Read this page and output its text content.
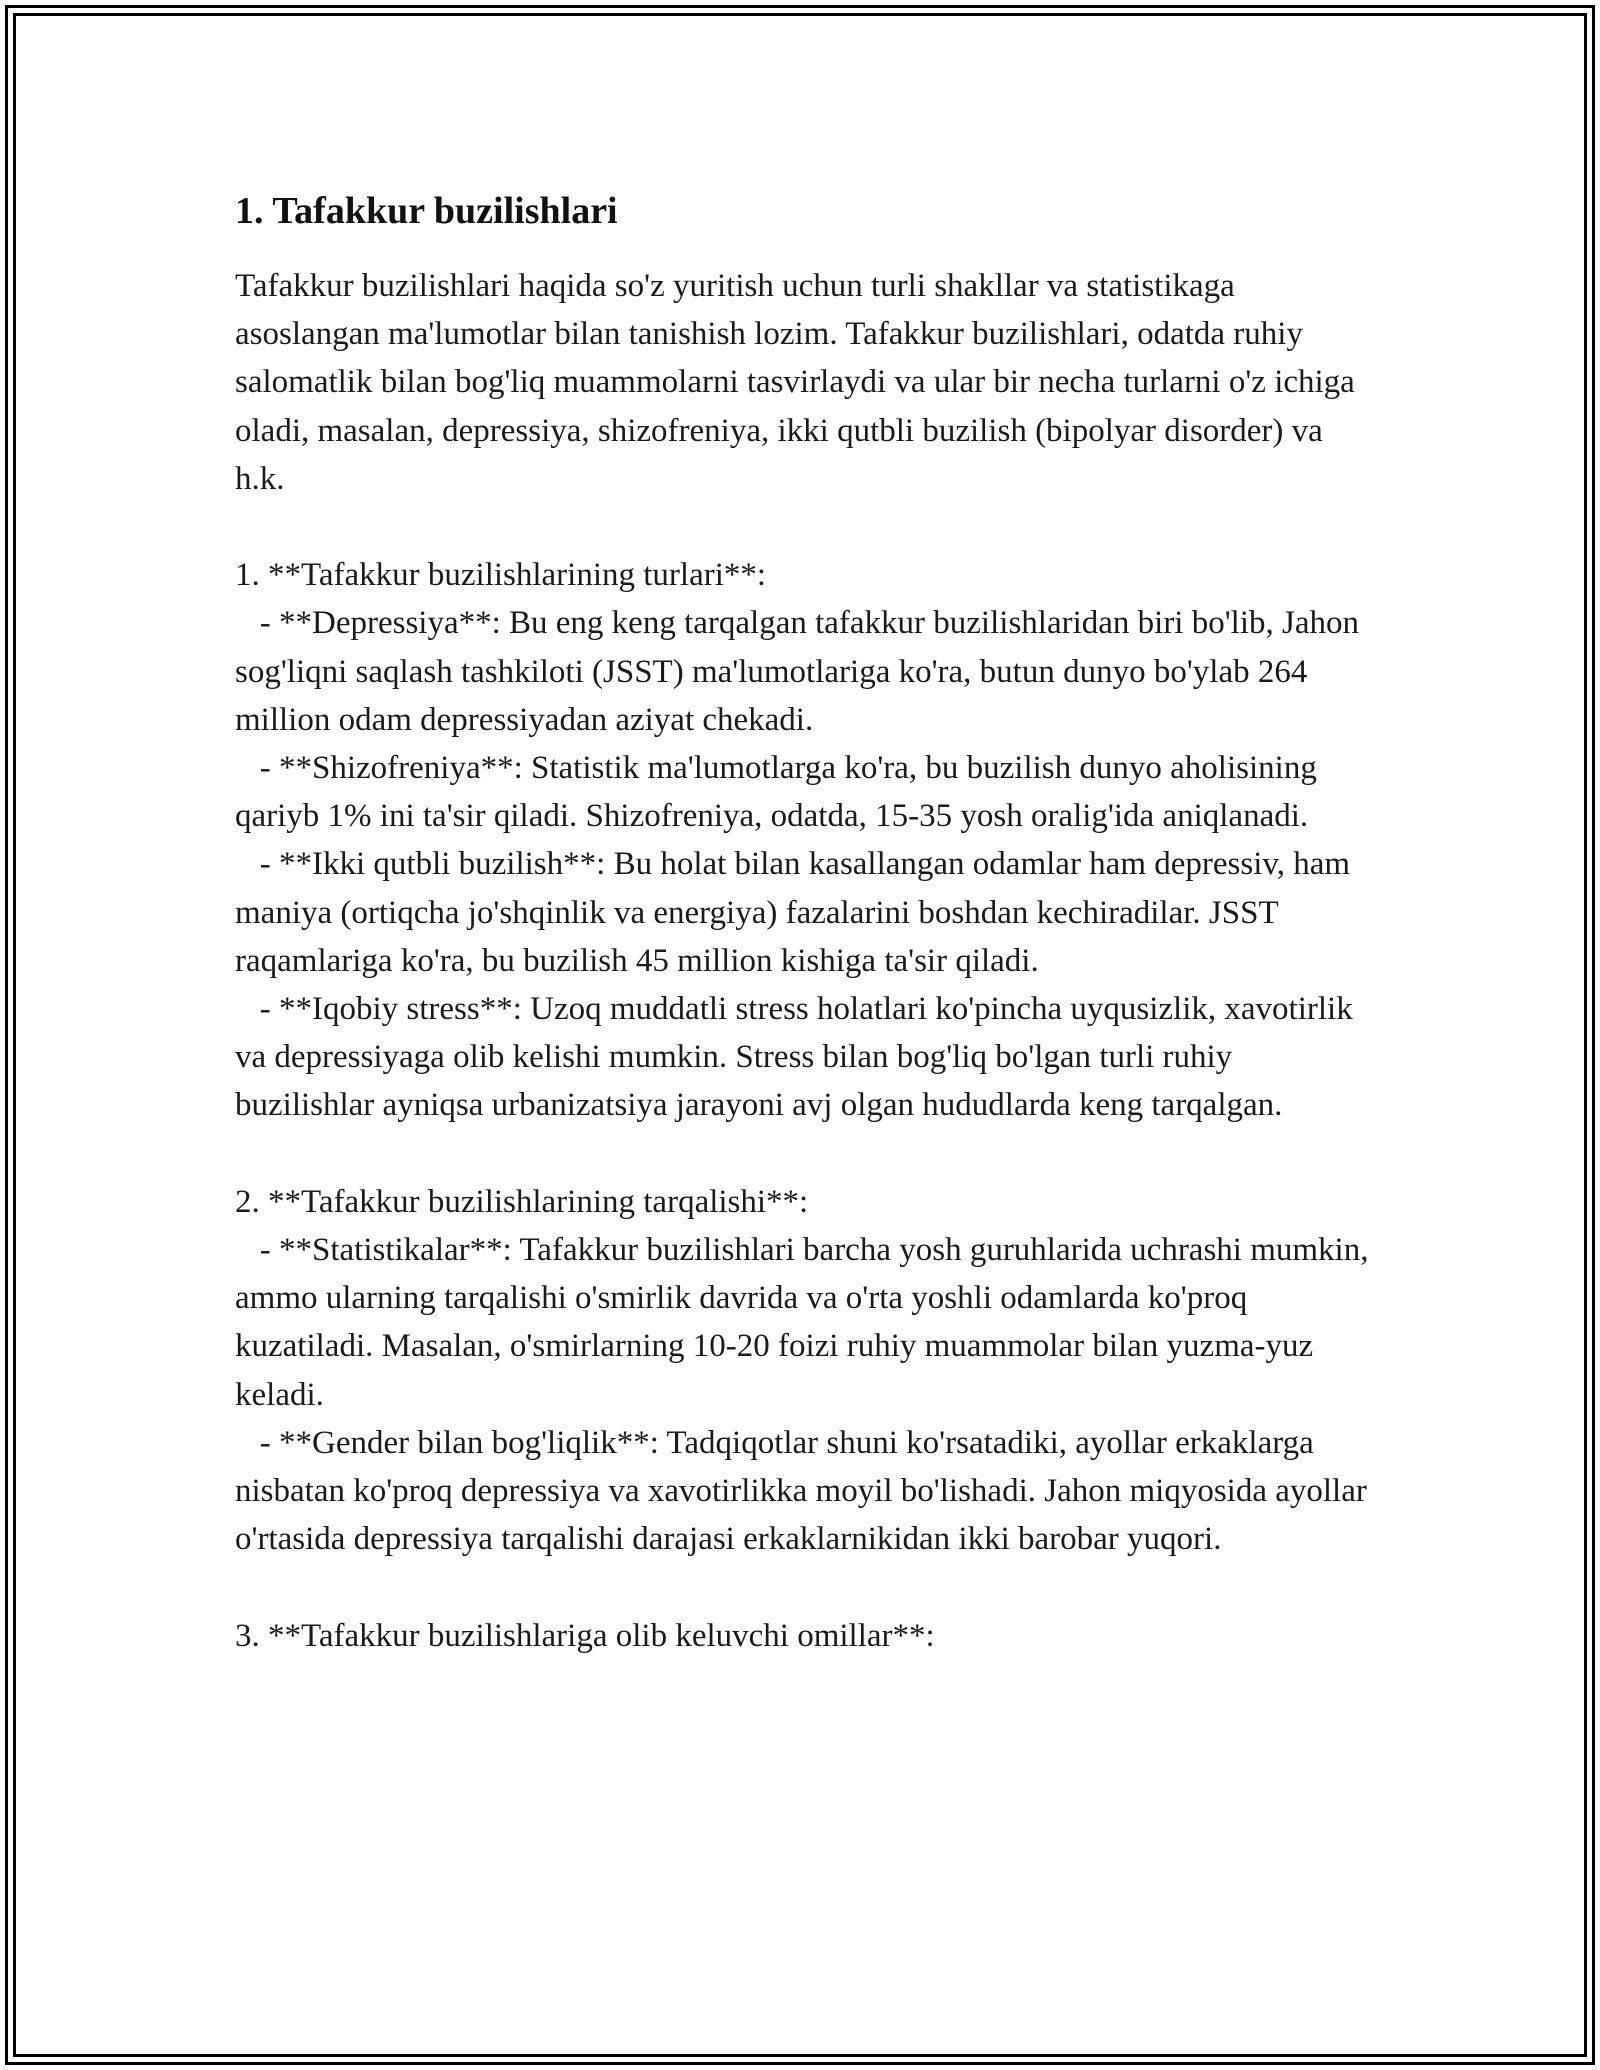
1. Tafakkur buzilishlari

Tafakkur buzilishlari haqida so'z yuritish uchun turli shakllar va statistikaga asoslangan ma'lumotlar bilan tanishish lozim. Tafakkur buzilishlari, odatda ruhiy salomatlik bilan bog'liq muammolarni tasvirlaydi va ular bir necha turlarni o'z ichiga oladi, masalan, depressiya, shizofreniya, ikki qutbli buzilish (bipolyar disorder) va h.k.

1. **Tafakkur buzilishlarining turlari**:

- **Depressiya**: Bu eng keng tarqalgan tafakkur buzilishlaridan biri bo'lib, Jahon sog'liqni saqlash tashkiloti (JSST) ma'lumotlariga ko'ra, butun dunyo bo'ylab 264 million odam depressiyadan aziyat chekadi.

- **Shizofreniya**: Statistik ma'lumotlarga ko'ra, bu buzilish dunyo aholisining qariyb 1% ini ta'sir qiladi. Shizofreniya, odatda, 15-35 yosh oralig'ida aniqlanadi.

- **Ikki qutbli buzilish**: Bu holat bilan kasallangan odamlar ham depressiv, ham maniya (ortiqcha jo'shqinlik va energiya) fazalarini boshdan kechiradilar. JSST raqamlariga ko'ra, bu buzilish 45 million kishiga ta'sir qiladi.

- **Iqobiy stress**: Uzoq muddatli stress holatlari ko'pincha uyqusizlik, xavotirlik va depressiyaga olib kelishi mumkin. Stress bilan bog'liq bo'lgan turli ruhiy buzilishlar ayniqsa urbanizatsiya jarayoni avj olgan hududlarda keng tarqalgan.

2. **Tafakkur buzilishlarining tarqalishi**:

- **Statistikalar**: Tafakkur buzilishlari barcha yosh guruhlarida uchrashi mumkin, ammo ularning tarqalishi o'smirlik davrida va o'rta yoshli odamlarda ko'proq kuzatiladi. Masalan, o'smirlarning 10-20 foizi ruhiy muammolar bilan yuzma-yuz keladi.

- **Gender bilan bog'liqlik**: Tadqiqotlar shuni ko'rsatadiki, ayollar erkaklarga nisbatan ko'proq depressiya va xavotirlikka moyil bo'lishadi. Jahon miqyosida ayollar o'rtasida depressiya tarqalishi darajasi erkaklarnikidan ikki barobar yuqori.

3. **Tafakkur buzilishlariga olib keluvchi omillar**:
